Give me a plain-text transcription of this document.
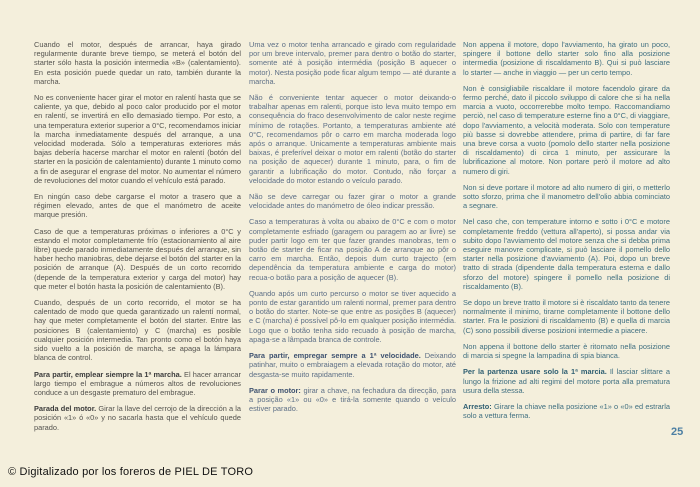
Cuando el motor, después de arrancar, haya girado regularmente durante breve tiempo, se meterá el botón del starter sólo hasta la posición intermedia «B» (calentamiento). En esta posición puede quedar un rato, también durante la marcha.

No es conveniente hacer girar el motor en ralentí hasta que se caliente, ya que, debido al poco calor producido por el motor en ralentí, se invertirá en ello demasiado tiempo. Por esto, a una temperatura exterior superior a 0°C, recomendamos iniciar la marcha inmediatamente después del arranque, a una velocidad moderada. Sólo a temperaturas exteriores más bajas debería hacerse marchar el motor en ralentí (botón del starter en la posición de calentamiento) durante 1 minuto como a fin de asegurar el engrase del motor. No aumentar el número de revoluciones del motor cuando el vehículo está parado.

En ningún caso debe cargarse el motor a trasero que a régimen elevado, antes de que el manómetro de aceite marque presión.

Caso de que a temperaturas próximas o inferiores a 0°C y estando el motor completamente frío (estacionamiento al aire libre) quede parado inmediatamente después del arranque, sin haber hecho maniobras, debe dejarse el botón del starter en la posición de arranque (A). Después de un corto recorrido (depende de la temperatura exterior y carga del motor) hay que meter el botón hasta la posición de calentamiento (B).

Cuando, después de un corto recorrido, el motor se ha calentado de modo que queda garantizado un ralentí normal, hay que meter completamente el botón del starter. Entre las posiciones B (calentamiento) y C (marcha) es posible cualquier posición intermedia. Tan pronto como el botón haya sido vuelto a la posición de marcha, se apaga la lámpara blanca de control.

Para partir, emplear siempre la 1ª marcha. El hacer arrancar largo tiempo el embrague a números altos de revoluciones conduce a un desgaste prematuro del embrague.

Parada del motor. Girar la llave del cerrojo de la dirección a la posición «1» ó «0» y no sacarla hasta que el vehículo quede parado.

Uma vez o motor tenha arrancado e girado com regularidade por um breve intervalo, premer para dentro o botão do starter, somente até à posição intermédia (posição B aquecer o motor). Nesta posição pode ficar algum tempo — até durante a marcha.

Não é conveniente tentar aquecer o motor deixando-o trabalhar apenas em ralenti, porque isto leva muito tempo em consequência do fraco desenvolvimento de calor neste regime mínimo de rotações. Portanto, a temperaturas ambiente até 0°C, recomendamos pôr o carro em marcha moderada logo após o arranque. Unicamente a temperaturas ambiente mais baixas, é preferível deixar o motor em ralenti (botão do starter na posição de aquecer) durante 1 minuto, para, o fim de garantir a lubrificação do motor. Contudo, não forçar a velocidade do motor estando o veículo parado.

Não se deve carregar ou fazer girar o motor a grande velocidade antes do manómetro de óleo indicar pressão.

Caso a temperaturas à volta ou abaixo de 0°C e com o motor completamente esfriado (garagem ou paragem ao ar livre) se puder partir logo em ter que fazer grandes manobras, tem o botão de starter de ficar na posição A de arranque ao pôr o carro em marcha. Então, depois dum curto trajecto (em dependência da temperatura ambiente e carga do motor) recua-o botão para a posição de aquecer (B).

Quando após um curto percurso o motor se tiver aquecido a ponto de estar garantido um ralenti normal, premer para dentro o botão do starter. Note-se que entre as posições B (aquecer) e C (marcha) é possível pô-lo em qualquer posição intermédia. Logo que o botão tenha sido recuado à posição de marcha, apaga-se a lâmpada branca de controle.

Para partir, empregar sempre a 1ª velocidade. Deixando patinhar, muito o embraiagem a elevada rotação do motor, até desgasta-se muito rapidamente.

Parar o motor: girar a chave, na fechadura da direcção, para a posição «1» ou «0» e tirá-la somente quando o veículo estiver parado.

Non appena il motore, dopo l'avviamento, ha girato un poco, spingere il bottone dello starter solo fino alla posizione intermedia (posizione di riscaldamento B). Qui si può lasciare lo starter — anche in viaggio — per un certo tempo.

Non è consigliabile riscaldare il motore facendolo girare da fermo perché, dato il piccolo sviluppo di calore che si ha nella marcia a vuoto, occorrerebbe molto tempo. Raccomandiamo perciò, nel caso di temperature esterne fino a 0°C, di viaggiare, dopo l'avviamento, a velocità moderata. Solo con temperature più basse si dovrebbe attendere, prima di partire, di far fare una breve corsa a vuoto (pomolo dello starter nella posizione di riscaldamento) di circa 1 minuto, per assicurare la lubrificazione al motore. Non portare però il motore ad alto numero di giri.

Non si deve portare il motore ad alto numero di giri, o metterlo sotto sforzo, prima che il manometro dell'olio abbia cominciato a segnare.

Nel caso che, con temperature intorno e sotto i 0°C e motore completamente freddo (vettura all'aperto), si possa andar via subito dopo l'avviamento del motore senza che si debba prima eseguire manovre complicate, si può lasciare il pomello dello starter nella posizione d'avviamento (A). Poi, dopo un breve tratto di strada (dipendente dalla temperatura esterna e dallo sforzo del motore) spingere il pomello nella posizione di riscaldamento (B).

Se dopo un breve tratto il motore si è riscaldato tanto da tenere normalmente il minimo, tirarne completamente il bottone dello starter. Fra le posizioni di riscaldamento (B) e quella di marcia (C) sono possibili diverse posizioni intermedie a piacere.

Non appena il bottone dello starter è ritornato nella posizione di marcia si spegne la lampadina di spia bianca.

Per la partenza usare solo la 1ª marcia. Il lasciar slittare a lungo la frizione ad alti regimi del motore porta alla prematura usura della stessa.

Arresto: Girare la chiave nella posizione «1» o «0» ed estrarla solo a vettura ferma.

25
© Digitalizado por los foreros de PIEL DE TORO
